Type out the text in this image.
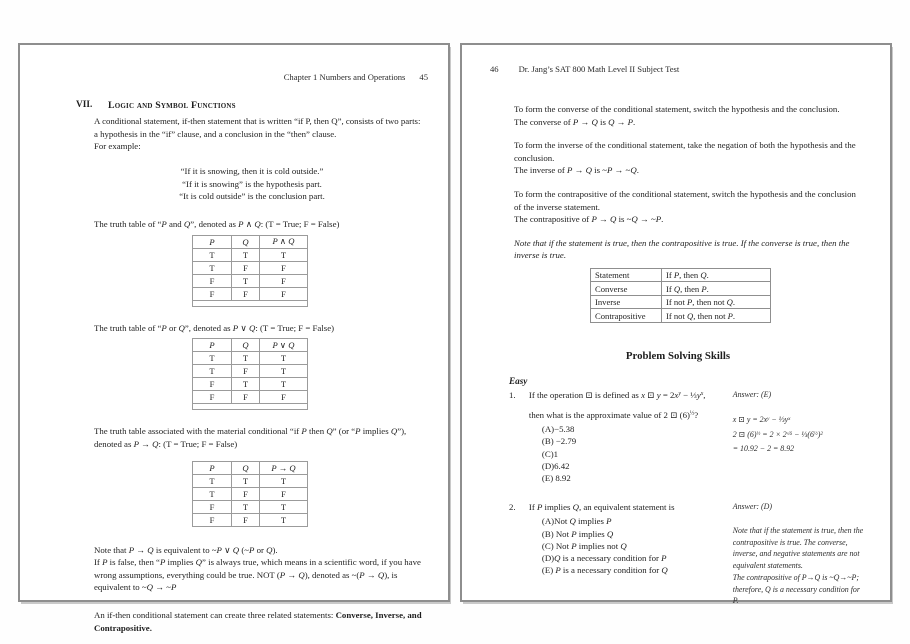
Chapter 1 Numbers and Operations 45
VII.	Logic and Symbol Functions

A conditional statement, if-then statement that is written “if P, then Q”, consists of two parts: a hypothesis in the “if” clause, and a conclusion in the “then” clause.

For example:

“If it is snowing, then it is cold outside.”
“If it is snowing” is the hypothesis part.
“It is cold outside” is the conclusion part.

The truth table of “P and Q”, denoted as P ∧ Q: (T = True; F = False)

P	Q	P ∧ Q
T	T	T
T	F	F
F	T	F
F	F	F

The truth table of “P or Q”, denoted as P ∨ Q: (T = True; F = False)

P	Q	P ∨ Q
T	T	T
T	F	T
F	T	T
F	F	F

The truth table associated with the material conditional “if P then Q” (or “P implies Q”), denoted as P → Q: (T = True; F = False)

P	Q	P → Q
T	T	T
T	F	F
F	T	T
F	F	T
Note that P → Q is equivalent to ~P ∨ Q (~P or Q).
If P is false, then “P implies Q” is always true, which means in a scientific word, if you have wrong assumptions, everything could be true. NOT (P → Q), denoted as ~(P → Q), is equivalent to ~Q → ~P

An if-then conditional statement can create three related statements: Converse, Inverse, and Contrapositive.

46 Dr. Jang’s SAT 800 Math Level II Subject Test

To form the converse of the conditional statement, switch the hypothesis and the conclusion.

The converse of P → Q is Q → P.

To form the inverse of the conditional statement, take the negation of both the hypothesis and the conclusion.

The inverse of P → Q is ~P → ~Q.

To form the contrapositive of the conditional statement, switch the hypothesis and the conclusion of the inverse statement.

The contrapositive of P → Q is ~Q → ~P.

Note that if the statement is true, then the contrapositive is true. If the converse is true, then the inverse is true.

Statement	If P, then Q.
Converse	If Q, then P.
Inverse	If not P, then not Q.
Contrapositive	If not Q, then not P.
Problem Solving Skills
Easy
1.	If the operation ⊡ is defined as x ⊡ $y = 2x^y$ − $\frac{1}{3}y^x$,
then what is the approximate value of 2 ⊡ $(6)^{\frac{1}{2}}$?
(A)−5.38
(B) −2.79
(C)1
(D)6.42
(E) 8.92
Answer: (E)
x ⊡ $y = 2x^y$ − $\frac{1}{3}y^x$
2 ⊡ $(6)^{\frac{1}{2}} = 2 \times 2^{√6}$ − $\frac{1}{3}(6^{\frac{1}{2}})^2$
= 10.92 − 2 = 8.92
2.	If P implies Q, an equivalent statement is
(A)Not Q implies P
(B) Not P implies Q
(C) Not P implies not Q
(D)Q is a necessary condition for P
(E) P is a necessary condition for Q
Answer: (D)
Note that if the statement is true, then the contrapositive is true. The converse, inverse, and negative statements are not equivalent statements.
The contrapositive of P→Q is ~Q→~P; therefore, Q is a necessary condition for P.
